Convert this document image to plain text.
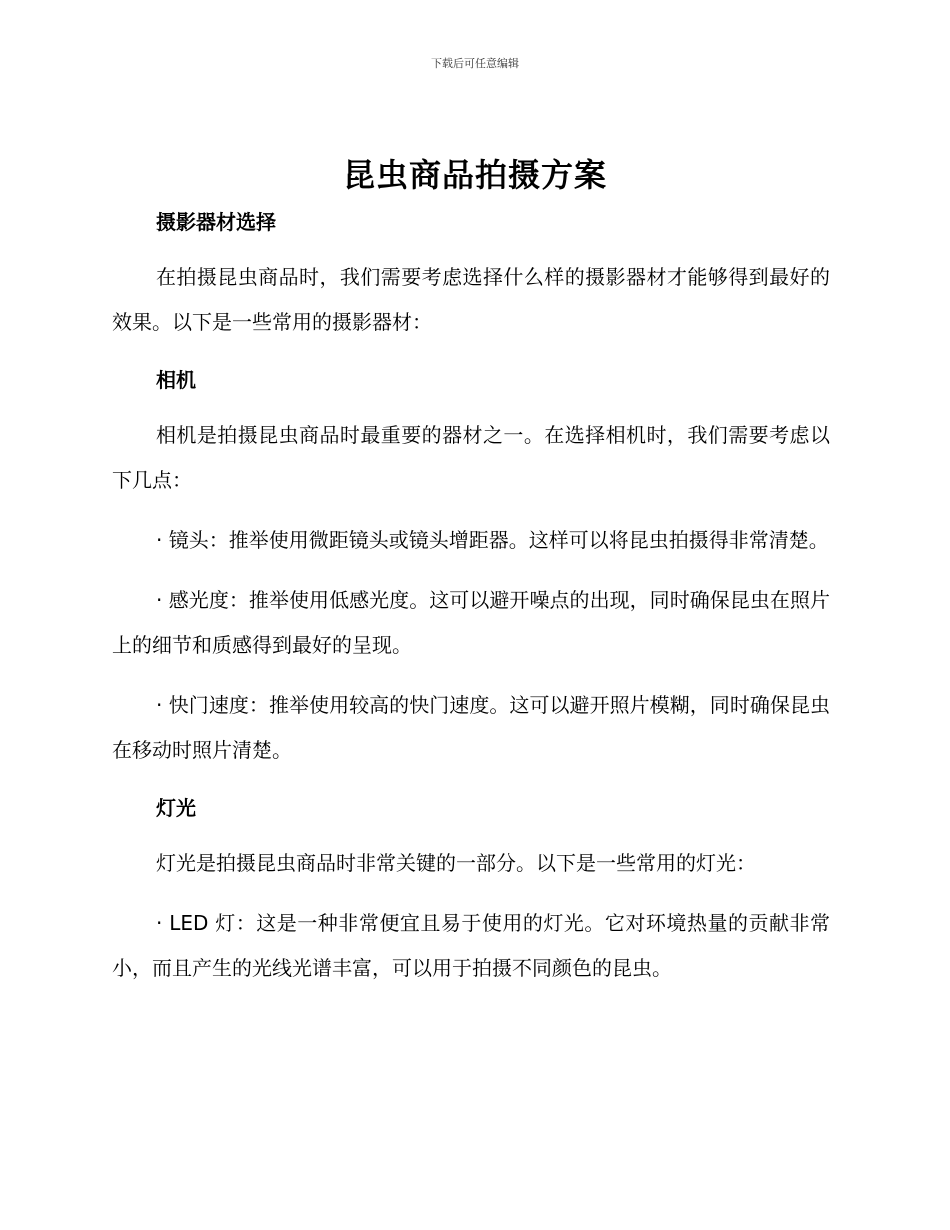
下载后可任意编辑
昆虫商品拍摄方案
摄影器材选择

在拍摄昆虫商品时，我们需要考虑选择什么样的摄影器材才能够得到最好的效果。以下是一些常用的摄影器材：

相机

相机是拍摄昆虫商品时最重要的器材之一。在选择相机时，我们需要考虑以下几点：

· 镜头：推举使用微距镜头或镜头增距器。这样可以将昆虫拍摄得非常清楚。

· 感光度：推举使用低感光度。这可以避开噪点的出现，同时确保昆虫在照片上的细节和质感得到最好的呈现。

· 快门速度：推举使用较高的快门速度。这可以避开照片模糊，同时确保昆虫在移动时照片清楚。

灯光

灯光是拍摄昆虫商品时非常关键的一部分。以下是一些常用的灯光：

· LED 灯：这是一种非常便宜且易于使用的灯光。它对环境热量的贡献非常小，而且产生的光线光谱丰富，可以用于拍摄不同颜色的昆虫。
